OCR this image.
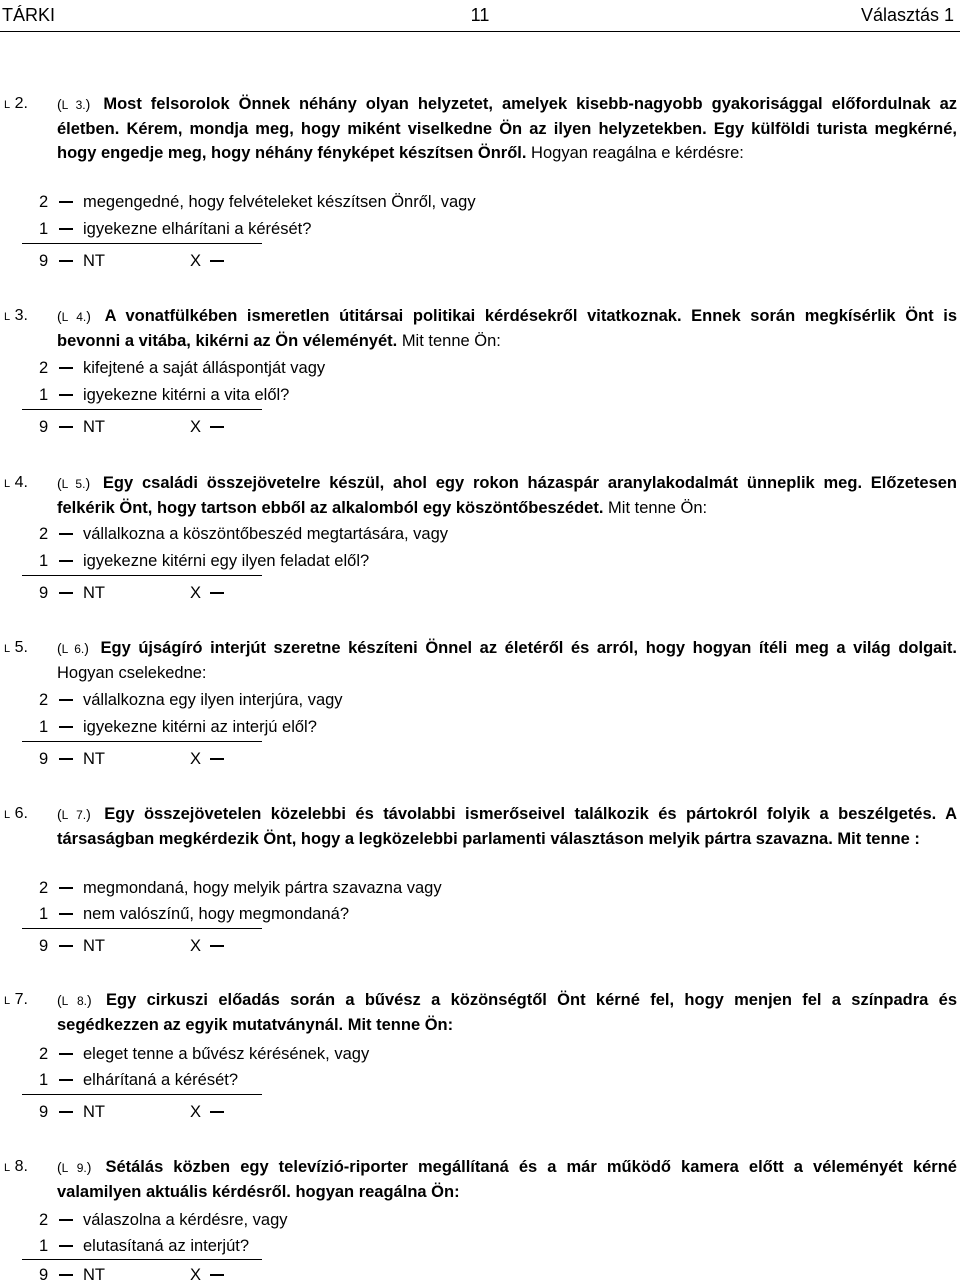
TÁRKI	11	Választás 1
L 2. (L 3.) Most felsorolok Önnek néhány olyan helyzetet, amelyek kisebb-nagyobb gyakorisággal előfordulnak az életben. Kérem, mondja meg, hogy miként viselkedne Ön az ilyen helyzetekben. Egy külföldi turista megkérné, hogy engedje meg, hogy néhány fényképet készítsen Önről. Hogyan reagálna e kérdésre:
2 megengedné, hogy felvételeket készítsen Önről, vagy
1 igyekezne elhárítani a kérését?
9 NT	X
L 3. (L 4.) A vonatfülkében ismeretlen útitársai politikai kérdésekről vitatkoznak. Ennek során megkísérlik Önt is bevonni a vitába, kikérni az Ön véleményét. Mit tenne Ön:
2 kifejtené a saját álláspontját vagy
1 igyekezne kitérni a vita elől?
9 NT	X
L 4. (L 5.) Egy családi összejövetelre készül, ahol egy rokon házaspár aranylakodalmát ünneplik meg. Előzetesen felkérik Önt, hogy tartson ebből az alkalomból egy köszöntőbeszédet. Mit tenne Ön:
2 vállalkozna a köszöntőbeszéd megtartására, vagy
1 igyekezne kitérni egy ilyen feladat elől?
9 NT	X
L 5. (L 6.) Egy újságíró interjút szeretne készíteni Önnel az életéről és arról, hogy hogyan ítéli meg a világ dolgait. Hogyan cselekedne:
2 vállalkozna egy ilyen interjúra, vagy
1 igyekezne kitérni az interjú elől?
9 NT	X
L 6. (L 7.) Egy összejövetelen közelebbi és távolabbi ismerőseivel találkozik és pártokról folyik a beszélgetés. A társaságban megkérdezik Önt, hogy a legközelebbi parlamenti választáson melyik pártra szavazna. Mit tenne :
2 megmondaná, hogy melyik pártra szavazna vagy
1 nem valószínű, hogy megmondaná?
9 NT	X
L 7. (L 8.) Egy cirkuszi előadás során a bűvész a közönségtől Önt kérné fel, hogy menjen fel a színpadra és segédkezzen az egyik mutatványnál. Mit tenne Ön:
2 eleget tenne a bűvész kérésének, vagy
1 elhárítaná a kérését?
9 NT	X
L 8. (L 9.) Sétálás közben egy televízió-riporter megállítaná és a már működő kamera előtt a véleményét kérné valamilyen aktuális kérdésről. hogyan reagálna Ön:
2 válaszolna a kérdésre, vagy
1 elutasítaná az interjút?
9 NT	X
